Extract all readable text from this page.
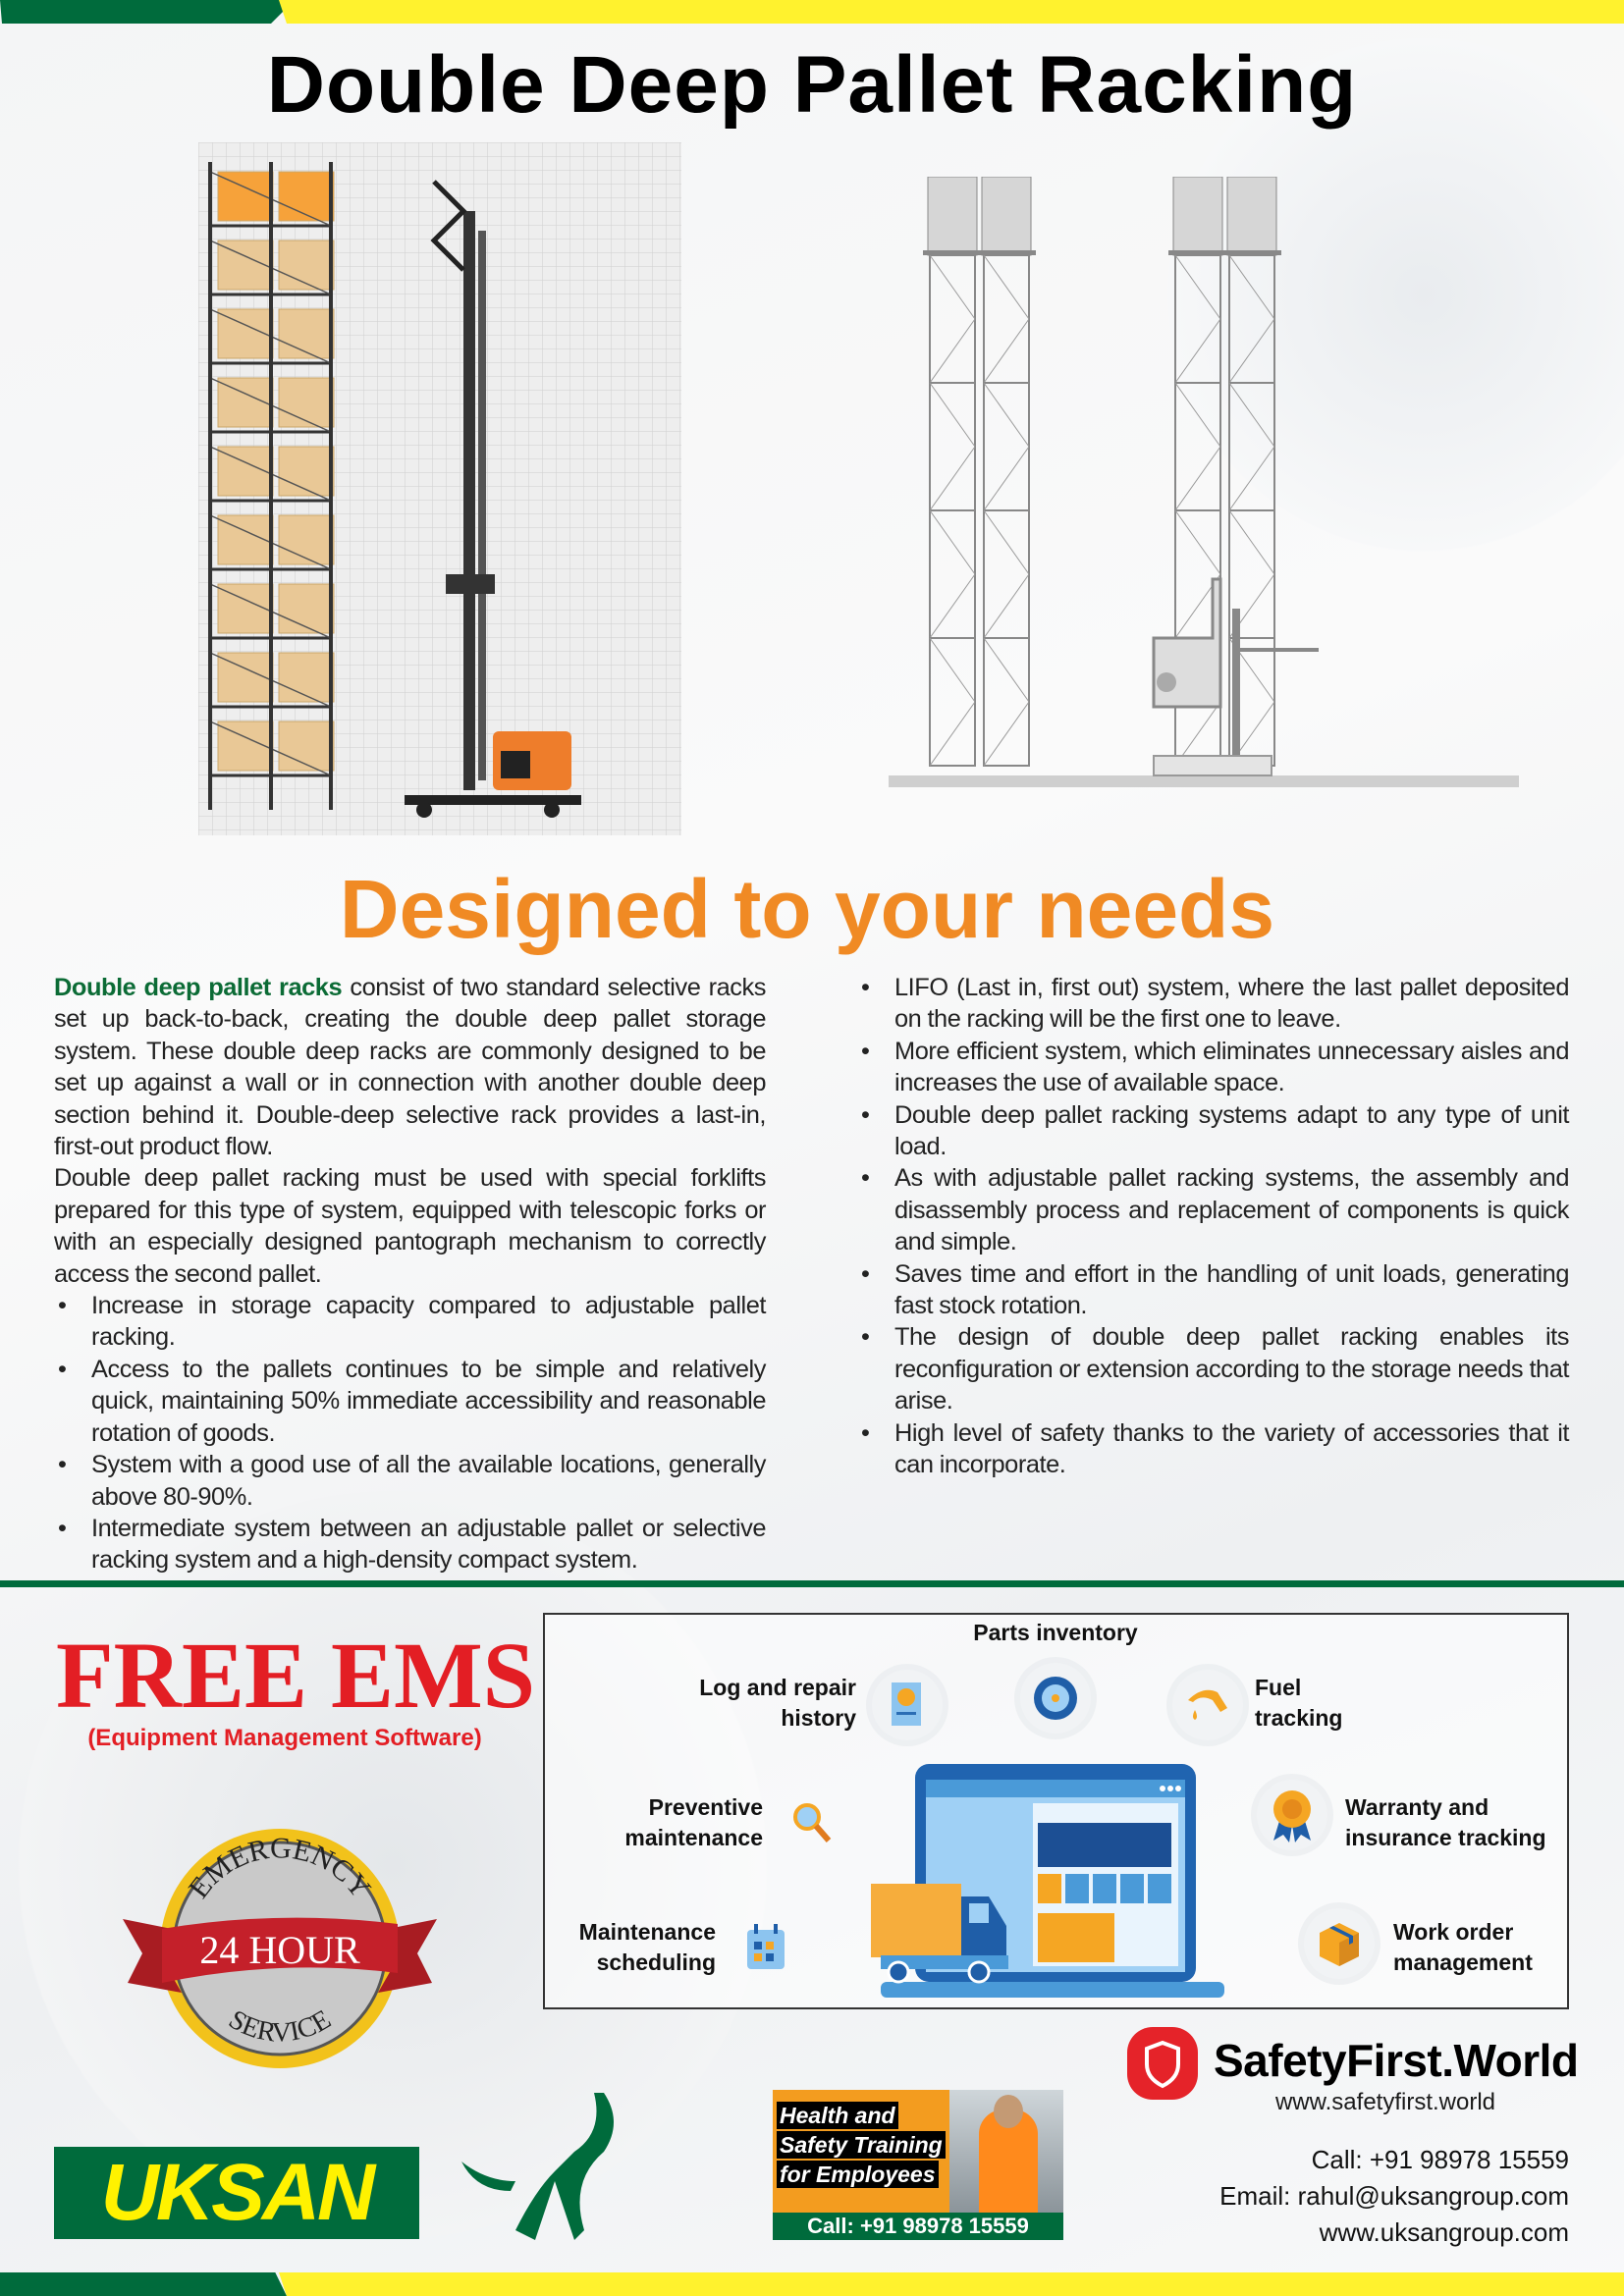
Double Deep Pallet Racking
Designed to your needs

Double deep pallet racks consist of two standard selective racks set up back-to-back, creating the double deep pallet storage system. These double deep racks are commonly designed to be set up against a wall or in connection with another double deep section behind it. Double-deep selective rack provides a last-in, first-out product flow.

Double deep pallet racking must be used with special forklifts prepared for this type of system, equipped with telescopic forks or with an especially designed pantograph mechanism to correctly access the second pallet.

• Increase in storage capacity compared to adjustable pallet racking.
• Access to the pallets continues to be simple and relatively quick, maintaining 50% immediate accessibility and reasonable rotation of goods.
• System with a good use of all the available locations, generally above 80-90%.
• Intermediate system between an adjustable pallet or selective racking system and a high-density compact system.
• LIFO (Last in, first out) system, where the last pallet deposited on the racking will be the first one to leave.
• More efficient system, which eliminates unnecessary aisles and increases the use of available space.
• Double deep pallet racking systems adapt to any type of unit load.
• As with adjustable pallet racking systems, the assembly and disassembly process and replacement of components is quick and simple.
• Saves time and effort in the handling of unit loads, generating fast stock rotation.
• The design of double deep pallet racking enables its reconfiguration or extension according to the storage needs that arise.
• High level of safety thanks to the variety of accessories that it can incorporate.
FREE EMS
(Equipment Management Software)
EMERGENCY
SERVICE
24 HOUR
Parts inventory
Log and repair
history
Fuel
tracking
Preventive
maintenance
Warranty and
insurance tracking
Maintenance
scheduling
Work order
management
UKSAN
Health and
Safety Training
for Employees
Call: +91 98978 15559
SafetyFirst.World
www.safetyfirst.world
Call: +91 98978 15559
Email: rahul@uksangroup.com
www.uksangroup.com
